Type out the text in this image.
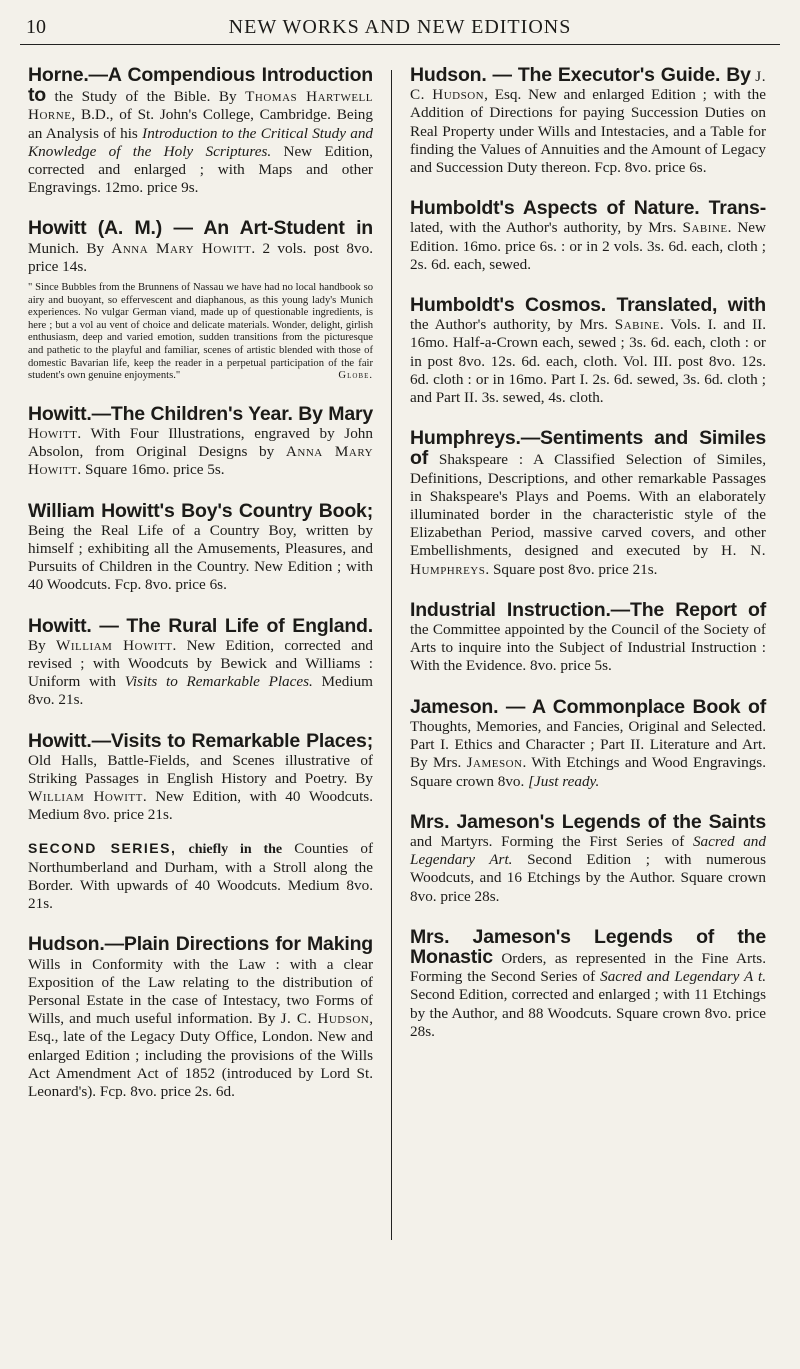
10	NEW WORKS AND NEW EDITIONS

Horne.—A Compendious Introduction to the Study of the Bible. By Thomas Hartwell Horne, B.D., of St. John's College, Cambridge. Being an Analysis of his Introduction to the Critical Study and Knowledge of the Holy Scriptures. New Edition, corrected and enlarged ; with Maps and other Engravings. 12mo. price 9s.

Howitt (A. M.) — An Art-Student in Munich. By Anna Mary Howitt. 2 vols. post 8vo. price 14s.

" Since Bubbles from the Brunnens of Nassau we have had no local handbook so airy and buoyant, so effervescent and diaphanous, as this young lady's Munich experiences. No vulgar German viand, made up of questionable ingredients, is here ; but a vol au vent of choice and delicate materials. Wonder, delight, girlish enthusiasm, deep and varied emotion, sudden transitions from the picturesque and pathetic to the playful and familiar, scenes of artistic blended with those of domestic Bavarian life, keep the reader in a perpetual participation of the fair student's own genuine enjoyments."	Globe.

Howitt.—The Children's Year. By Mary Howitt. With Four Illustrations, engraved by John Absolon, from Original Designs by Anna Mary Howitt. Square 16mo. price 5s.

William Howitt's Boy's Country Book; Being the Real Life of a Country Boy, written by himself ; exhibiting all the Amusements, Pleasures, and Pursuits of Children in the Country. New Edition ; with 40 Woodcuts. Fcp. 8vo. price 6s.

Howitt. — The Rural Life of England. By William Howitt. New Edition, corrected and revised ; with Woodcuts by Bewick and Williams : Uniform with Visits to Remarkable Places. Medium 8vo. 21s.

Howitt.—Visits to Remarkable Places; Old Halls, Battle-Fields, and Scenes illustrative of Striking Passages in English History and Poetry. By William Howitt. New Edition, with 40 Woodcuts. Medium 8vo. price 21s.

SECOND SERIES, chiefly in the Counties of Northumberland and Durham, with a Stroll along the Border. With upwards of 40 Woodcuts. Medium 8vo. 21s.

Hudson.—Plain Directions for Making Wills in Conformity with the Law : with a clear Exposition of the Law relating to the distribution of Personal Estate in the case of Intestacy, two Forms of Wills, and much useful information. By J. C. Hudson, Esq., late of the Legacy Duty Office, London. New and enlarged Edition ; including the provisions of the Wills Act Amendment Act of 1852 (introduced by Lord St. Leonard's). Fcp. 8vo. price 2s. 6d.

Hudson. — The Executor's Guide. By J. C. Hudson, Esq. New and enlarged Edition ; with the Addition of Directions for paying Succession Duties on Real Property under Wills and Intestacies, and a Table for finding the Values of Annuities and the Amount of Legacy and Succession Duty thereon. Fcp. 8vo. price 6s.

Humboldt's Aspects of Nature. Trans- lated, with the Author's authority, by Mrs. Sabine. New Edition. 16mo. price 6s. : or in 2 vols. 3s. 6d. each, cloth ; 2s. 6d. each, sewed.

Humboldt's Cosmos. Translated, with the Author's authority, by Mrs. Sabine. Vols. I. and II. 16mo. Half-a-Crown each, sewed ; 3s. 6d. each, cloth : or in post 8vo. 12s. 6d. each, cloth. Vol. III. post 8vo. 12s. 6d. cloth : or in 16mo. Part I. 2s. 6d. sewed, 3s. 6d. cloth ; and Part II. 3s. sewed, 4s. cloth.

Humphreys.—Sentiments and Similes of Shakspeare : A Classified Selection of Similes, Definitions, Descriptions, and other remarkable Passages in Shakspeare's Plays and Poems. With an elaborately illuminated border in the characteristic style of the Elizabethan Period, massive carved covers, and other Embellishments, designed and executed by H. N. Humphreys. Square post 8vo. price 21s.

Industrial Instruction.—The Report of the Committee appointed by the Council of the Society of Arts to inquire into the Subject of Industrial Instruction : With the Evidence. 8vo. price 5s.

Jameson. — A Commonplace Book of Thoughts, Memories, and Fancies, Original and Selected. Part I. Ethics and Character ; Part II. Literature and Art. By Mrs. Jameson. With Etchings and Wood Engravings. Square crown 8vo. [Just ready.

Mrs. Jameson's Legends of the Saints and Martyrs. Forming the First Series of Sacred and Legendary Art. Second Edition ; with numerous Woodcuts, and 16 Etchings by the Author. Square crown 8vo. price 28s.

Mrs. Jameson's Legends of the Monastic Orders, as represented in the Fine Arts. Forming the Second Series of Sacred and Legendary A t. Second Edition, corrected and enlarged ; with 11 Etchings by the Author, and 88 Woodcuts. Square crown 8vo. price 28s.
